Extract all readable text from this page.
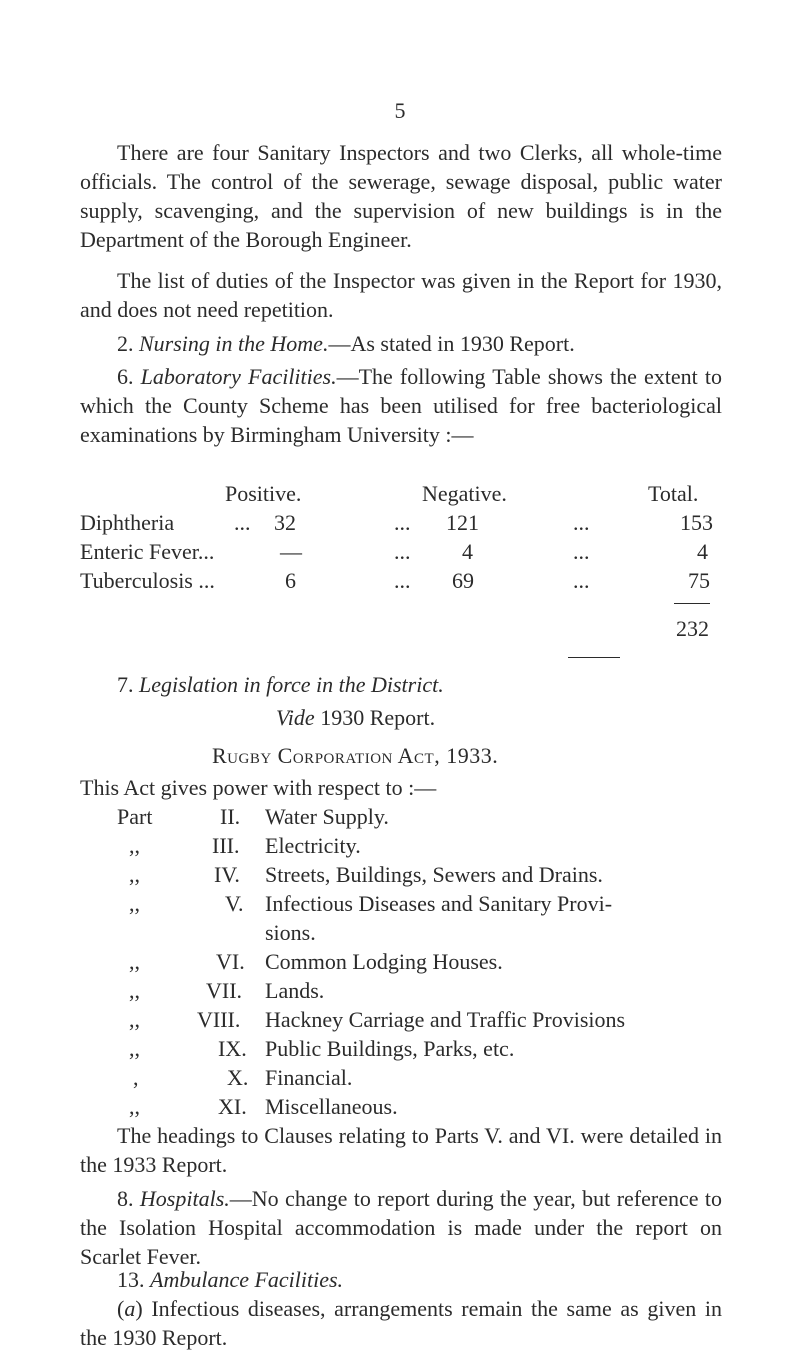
5

There are four Sanitary Inspectors and two Clerks, all whole-time officials. The control of the sewerage, sewage disposal, public water supply, scavenging, and the supervision of new buildings is in the Department of the Borough Engineer.

The list of duties of the Inspector was given in the Report for 1930, and does not need repetition.

2. Nursing in the Home.—As stated in 1930 Report.

6. Laboratory Facilities.—The following Table shows the extent to which the County Scheme has been utilised for free bacteriological examinations by Birmingham University :—

Positive.	Negative.	Total.
Diphtheria	... 32	... 121	...	153
Enteric Fever...	—	... 4	...	4
Tuberculosis ...	6	... 69	...	75
232
7. Legislation in force in the District.
Vide 1930 Report.
Rugby Corporation Act, 1933.
This Act gives power with respect to :—
Part	II. Water Supply.
,,	III. Electricity.
,,	IV. Streets, Buildings, Sewers and Drains.
,,	V. Infectious Diseases and Sanitary Provi-
sions.
,,	VI. Common Lodging Houses.
,,	VII. Lands.
,,	VIII. Hackney Carriage and Traffic Provisions
,,	IX. Public Buildings, Parks, etc.
,	X. Financial.
,,	XI. Miscellaneous.

The headings to Clauses relating to Parts V. and VI. were detailed in the 1933 Report.

8. Hospitals.—No change to report during the year, but reference to the Isolation Hospital accommodation is made under the report on Scarlet Fever.

13. Ambulance Facilities.

(a) Infectious diseases, arrangements remain the same as given in the 1930 Report.
